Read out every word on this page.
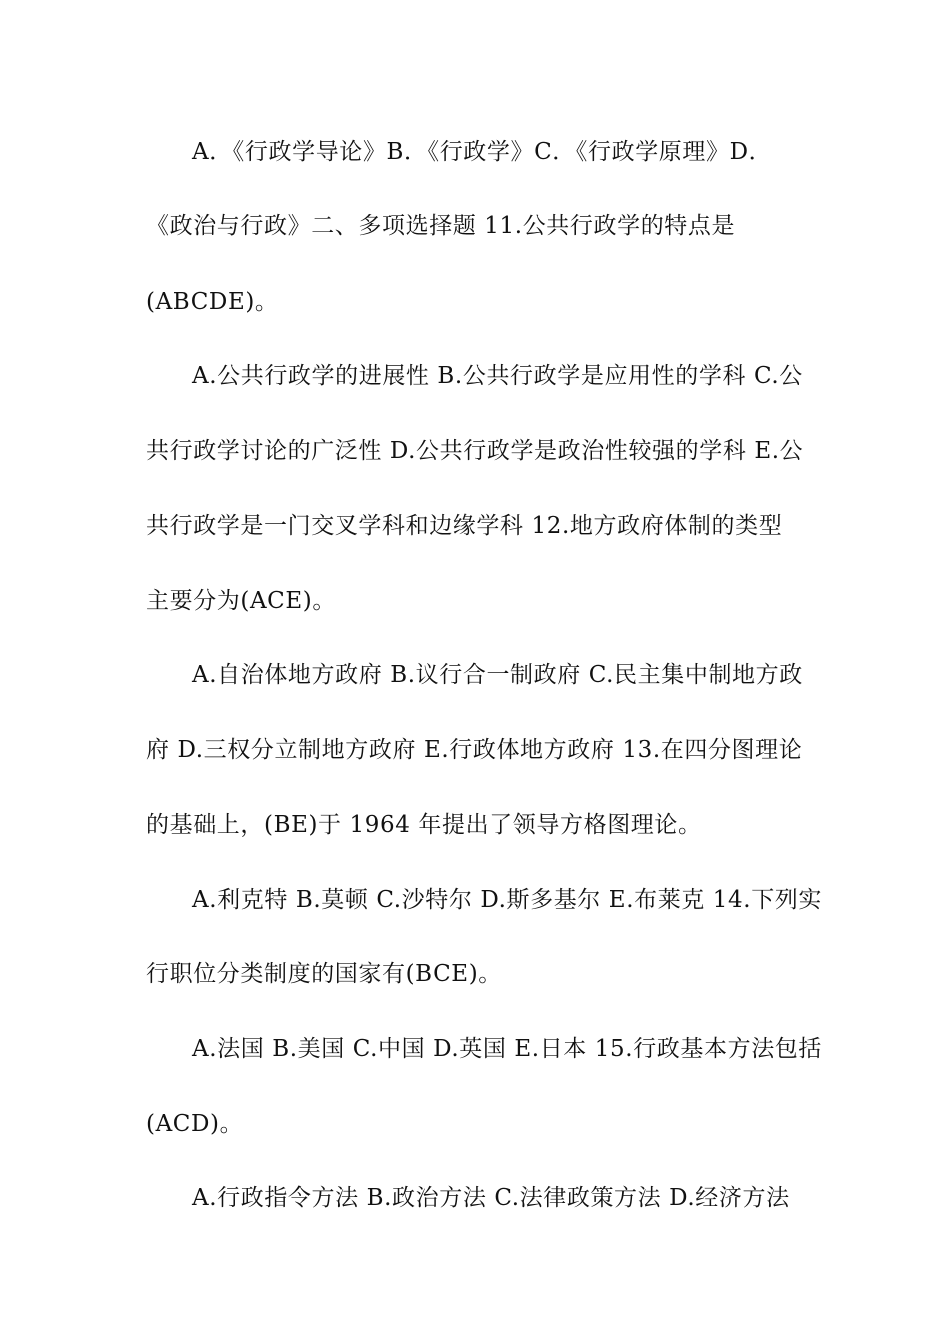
A．《行政学导论》B．《行政学》C．《行政学原理》D．
《政治与行政》二、多项选择题 11.公共行政学的特点是
(ABCDE)。
A.公共行政学的进展性 B.公共行政学是应用性的学科 C.公
共行政学讨论的广泛性 D.公共行政学是政治性较强的学科 E.公
共行政学是一门交叉学科和边缘学科 12.地方政府体制的类型
主要分为(ACE)。
A.自治体地方政府 B.议行合一制政府 C.民主集中制地方政
府 D.三权分立制地方政府 E.行政体地方政府 13.在四分图理论
的基础上，(BE)于 1964 年提出了领导方格图理论。
A.利克特 B.莫顿 C.沙特尔 D.斯多基尔 E.布莱克 14.下列实
行职位分类制度的国家有(BCE)。
A.法国 B.美国 C.中国 D.英国 E.日本 15.行政基本方法包括
(ACD)。
A.行政指令方法 B.政治方法 C.法律政策方法 D.经济方法
